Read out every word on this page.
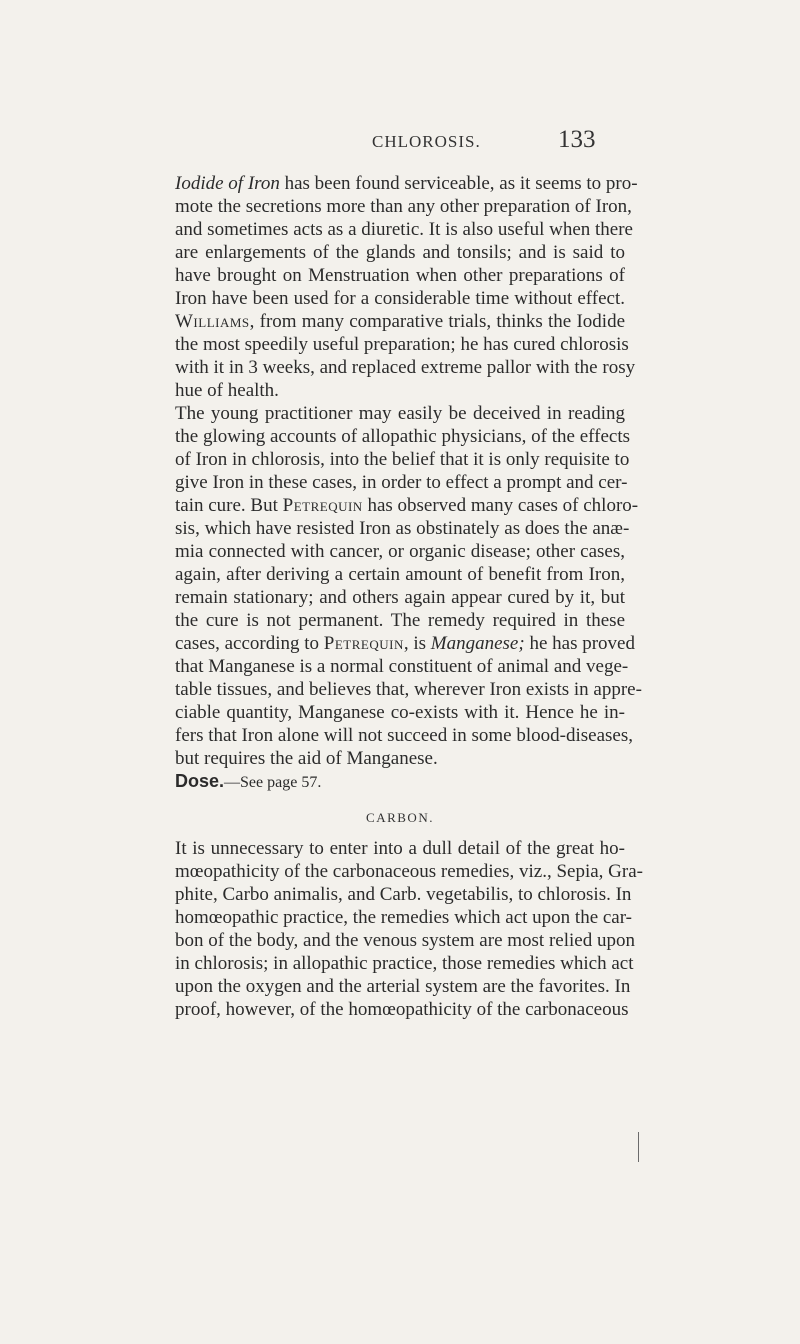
CHLOROSIS.	133
Iodide of Iron has been found serviceable, as it seems to pro-
mote the secretions more than any other preparation of Iron,
and sometimes acts as a diuretic. It is also useful when there
are enlargements of the glands and tonsils; and is said to
have brought on Menstruation when other preparations of
Iron have been used for a considerable time without effect.
Williams, from many comparative trials, thinks the Iodide
the most speedily useful preparation; he has cured chlorosis
with it in 3 weeks, and replaced extreme pallor with the rosy
hue of health.
The young practitioner may easily be deceived in reading
the glowing accounts of allopathic physicians, of the effects
of Iron in chlorosis, into the belief that it is only requisite to
give Iron in these cases, in order to effect a prompt and cer-
tain cure. But Petrequin has observed many cases of chloro-
sis, which have resisted Iron as obstinately as does the anæ-
mia connected with cancer, or organic disease; other cases,
again, after deriving a certain amount of benefit from Iron,
remain stationary; and others again appear cured by it, but
the cure is not permanent. The remedy required in these
cases, according to Petrequin, is Manganese; he has proved
that Manganese is a normal constituent of animal and vege-
table tissues, and believes that, wherever Iron exists in appre-
ciable quantity, Manganese co-exists with it. Hence he in-
fers that Iron alone will not succeed in some blood-diseases,
but requires the aid of Manganese.
Dose.—See page 57.
CARBON.
It is unnecessary to enter into a dull detail of the great ho-
mœopathicity of the carbonaceous remedies, viz., Sepia, Gra-
phite, Carbo animalis, and Carb. vegetabilis, to chlorosis. In
homœopathic practice, the remedies which act upon the car-
bon of the body, and the venous system are most relied upon
in chlorosis; in allopathic practice, those remedies which act
upon the oxygen and the arterial system are the favorites. In
proof, however, of the homœopathicity of the carbonaceous
